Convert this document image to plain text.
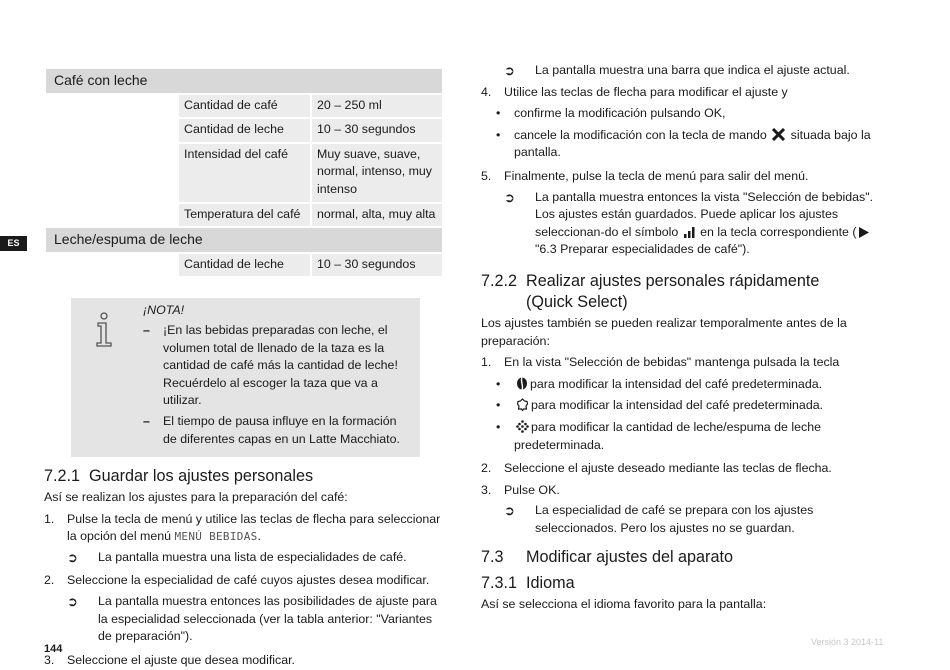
ES
Café con leche		
	Cantidad de café	20 – 250 ml
	Cantidad de leche	10 – 30 segundos
	Intensidad del café	Muy suave, suave, normal, intenso, muy intenso
	Temperatura del café	normal, alta, muy alta
Leche/espuma de leche		
	Cantidad de leche	10 – 30 segundos
¡NOTA!
– ¡En las bebidas preparadas con leche, el volumen total de llenado de la taza es la cantidad de café más la cantidad de leche! Recuérdelo al escoger la taza que va a utilizar.
– El tiempo de pausa influye en la formación de diferentes capas en un Latte Macchiato.
7.2.1 Guardar los ajustes personales

Así se realizan los ajustes para la preparación del café:

1. Pulse la tecla de menú y utilice las teclas de flecha para seleccionar la opción del menú MENÚ BEBIDAS.
➲ La pantalla muestra una lista de especialidades de café.
2. Seleccione la especialidad de café cuyos ajustes desea modificar.
➲ La pantalla muestra entonces las posibilidades de ajuste para la especialidad seleccionada (ver la tabla anterior: "Variantes de preparación").
3. Seleccione el ajuste que desea modificar.
➲ La pantalla muestra una barra que indica el ajuste actual.
4. Utilice las teclas de flecha para modificar el ajuste y
• confirme la modificación pulsando OK,
• cancele la modificación con la tecla de mando  situada bajo la pantalla.
5. Finalmente, pulse la tecla de menú para salir del menú.
➲ La pantalla muestra entonces la vista "Selección de bebidas". Los ajustes están guardados. Puede aplicar los ajustes seleccionan-do el símbolo  en la tecla correspondiente ( "6.3 Preparar especialidades de café").
7.2.2 Realizar ajustes personales rápidamente
(Quick Select)

Los ajustes también se pueden realizar temporalmente antes de la preparación:

1. En la vista "Selección de bebidas" mantenga pulsada la tecla
• para modificar la intensidad del café predeterminada.
• para modificar la intensidad del café predeterminada.
• para modificar la cantidad de leche/espuma de leche predeterminada.
2. Seleccione el ajuste deseado mediante las teclas de flecha.
3. Pulse OK.
➲ La especialidad de café se prepara con los ajustes seleccionados. Pero los ajustes no se guardan.
7.3 Modificar ajustes del aparato
7.3.1 Idioma

Así se selecciona el idioma favorito para la pantalla:

144
Versión 3 2014-11
